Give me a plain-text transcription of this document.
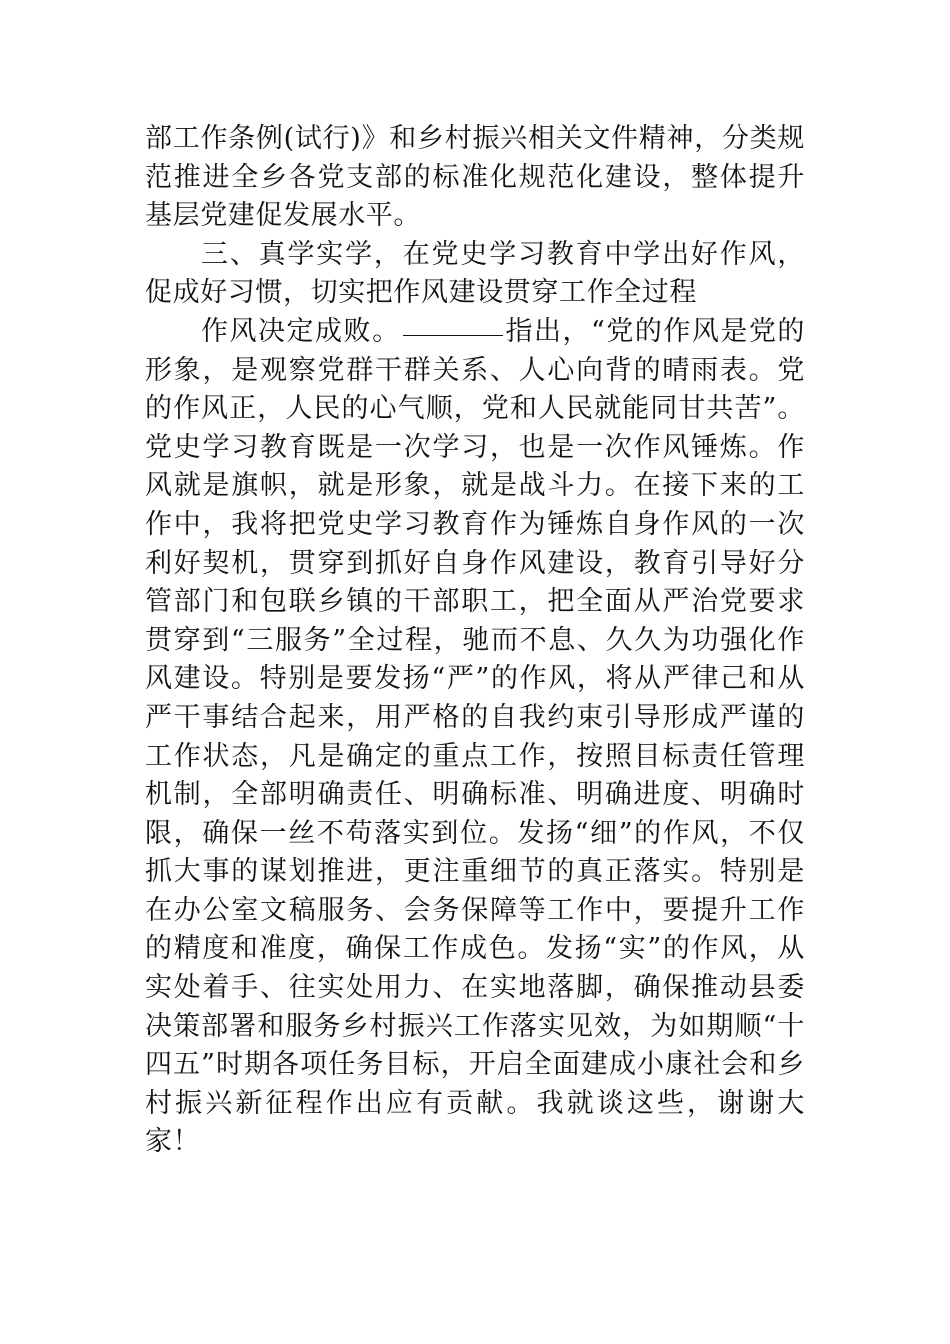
部工作条例(试行)》和乡村振兴相关文件精神，分类规范推进全乡各党支部的标准化规范化建设，整体提升基层党建促发展水平。

三、真学实学，在党史学习教育中学出好作风，促成好习惯，切实把作风建设贯穿工作全过程

作风决定成败。	指出，“党的作风是党的形象，是观察党群干群关系、人心向背的晴雨表。党的作风正，人民的心气顺，党和人民就能同甘共苦”。党史学习教育既是一次学习，也是一次作风锤炼。作风就是旗帜，就是形象，就是战斗力。在接下来的工作中，我将把党史学习教育作为锤炼自身作风的一次利好契机，贯穿到抓好自身作风建设，教育引导好分管部门和包联乡镇的干部职工，把全面从严治党要求贯穿到“三服务”全过程，驰而不息、久久为功强化作风建设。特别是要发扬“严”的作风，将从严律己和从严干事结合起来，用严格的自我约束引导形成严谨的工作状态，凡是确定的重点工作，按照目标责任管理机制，全部明确责任、明确标准、明确进度、明确时限，确保一丝不苟落实到位。发扬“细”的作风，不仅抓大事的谋划推进，更注重细节的真正落实。特别是在办公室文稿服务、会务保障等工作中，要提升工作的精度和准度，确保工作成色。发扬“实”的作风，从实处着手、往实处用力、在实地落脚，确保推动县委决策部署和服务乡村振兴工作落实见效，为如期顺“十四五”时期各项任务目标，开启全面建成小康社会和乡村振兴新征程作出应有贡献。我就谈这些，谢谢大家！
